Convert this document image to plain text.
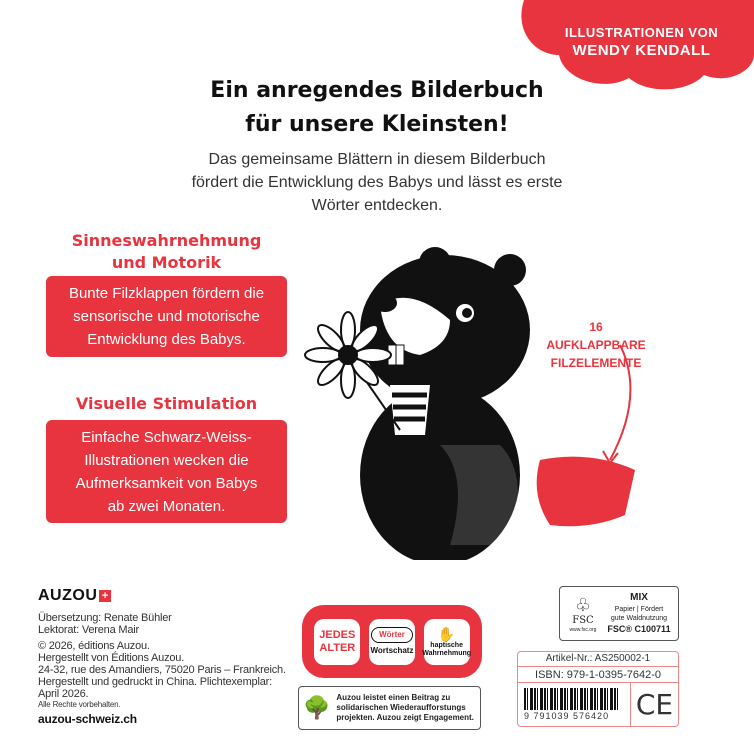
ILLUSTRATIONEN VON
WENDY KENDALL
Ein anregendes Bilderbuch
für unsere Kleinsten!
Das gemeinsame Blättern in diesem Bilderbuch
fördert die Entwicklung des Babys und lässt es erste
Wörter entdecken.
Sinneswahrnehmung
und Motorik
Bunte Filzklappen fördern die
sensorische und motorische
Entwicklung des Babys.
Visuelle Stimulation
Einfache Schwarz-Weiss-
Illustrationen wecken die
Aufmerksamkeit von Babys
ab zwei Monaten.
16 AUFKLAPPBARE
FILZELEMENTE
AUZOU +
Übersetzung: Renate Bühler
Lektorat: Verena Mair
© 2026, éditions Auzou.
Hergestellt von Éditions Auzou.
24-32, rue des Amandiers, 75020 Paris – Frankreich.
Hergestellt und gedruckt in China. Plichtexemplar: April 2026.
Alle Rechte vorbehalten.
auzou-schweiz.ch
JEDES
ALTER
Wörter
Wortschatz
✋
haptische Wahrnehmung
🌳 Auzou leistet einen Beitrag zu solidarischen Wiederaufforstungs projekten. Auzou zeigt Engagement.
♧
FSC
www.fsc.org
MIX
Papier | Fördert
gute Waldnutzung
FSC® C100711
Artikel-Nr.: AS250002-1
ISBN: 979-1-0395-7642-0
9 791039 576420 CE
